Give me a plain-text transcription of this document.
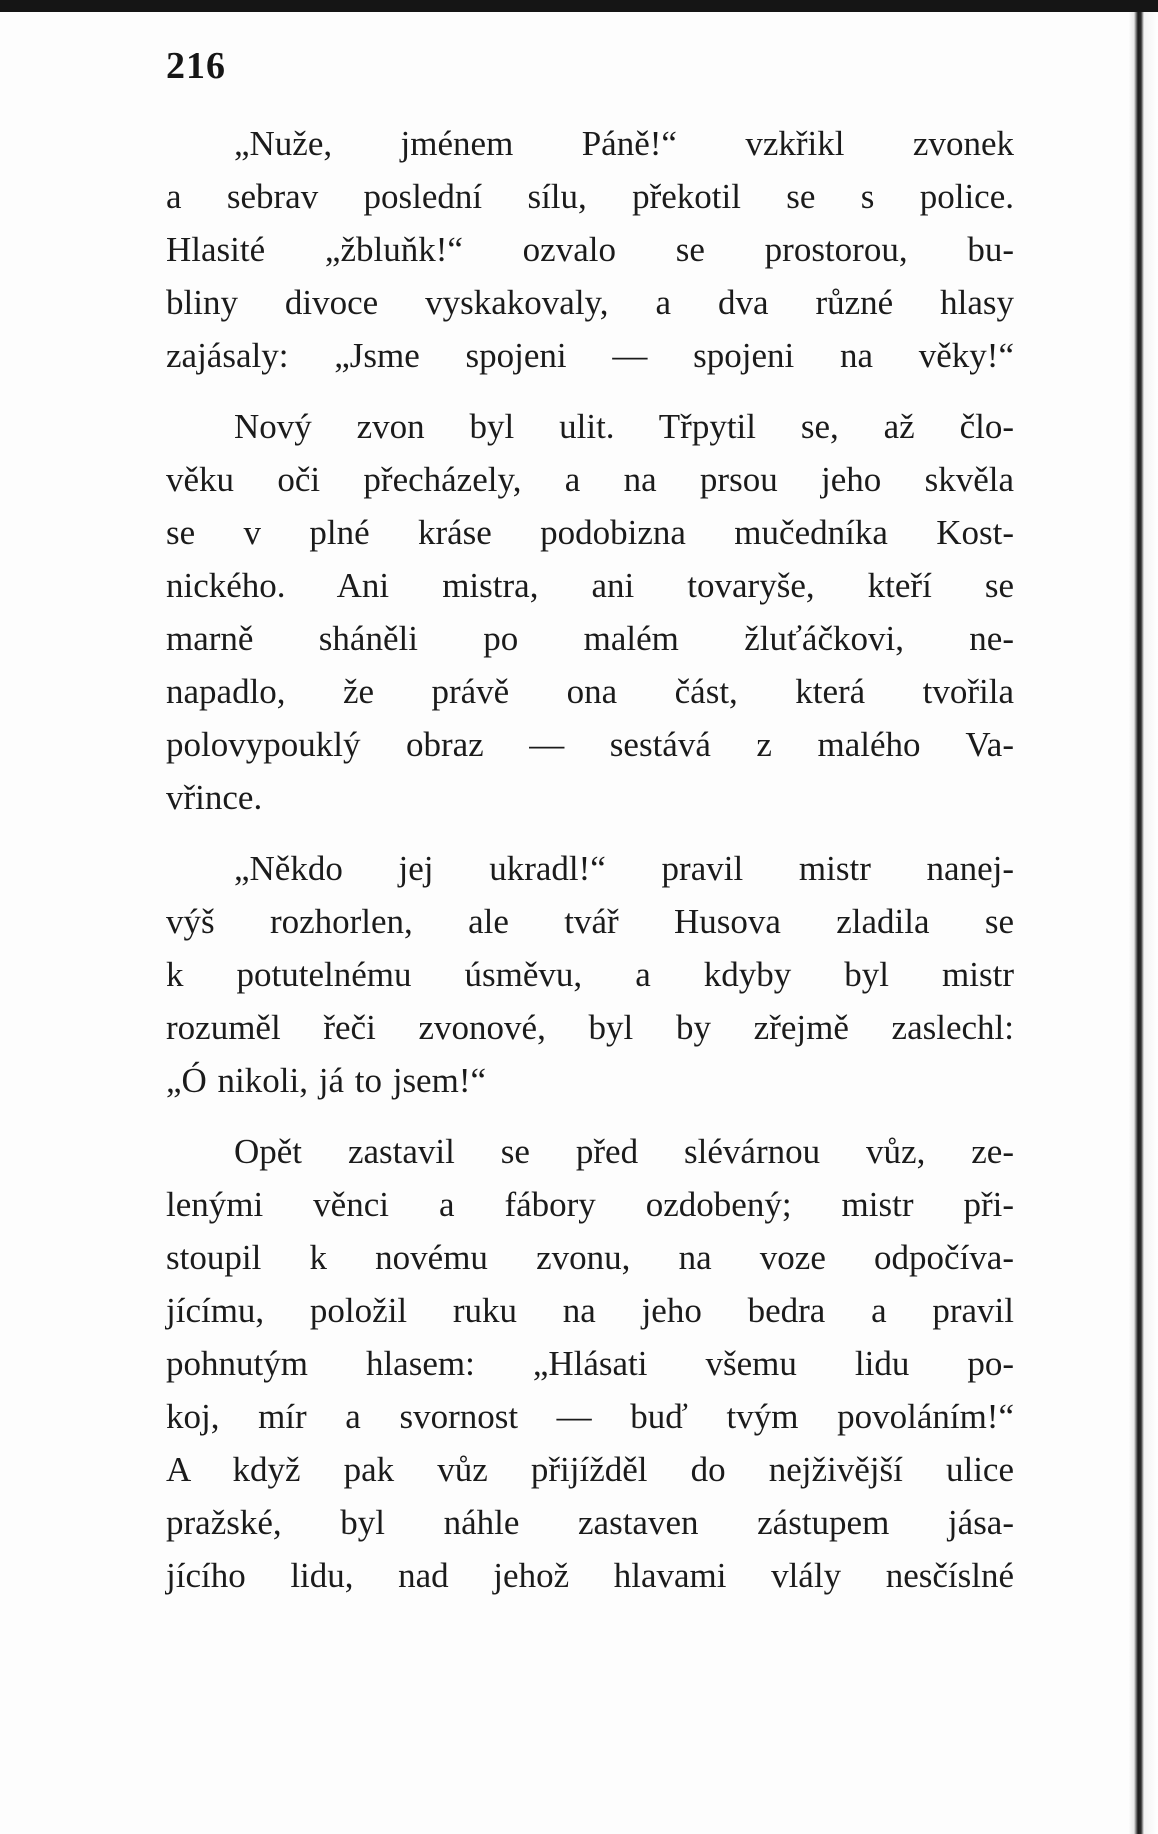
216

„Nuže, jménem Páně!“ vzkřikl zvonek
a sebrav poslední sílu, překotil se s police.
Hlasité „žbluňk!“ ozvalo se prostorou, bu-
bliny divoce vyskakovaly, a dva různé hlasy
zajásaly: „Jsme spojeni — spojeni na věky!“

Nový zvon byl ulit. Třpytil se, až člo-
věku oči přecházely, a na prsou jeho skvěla
se v plné kráse podobizna mučedníka Kost-
nického. Ani mistra, ani tovaryše, kteří se
marně sháněli po malém žluťáčkovi, ne-
napadlo, že právě ona část, která tvořila
polovypouklý obraz — sestává z malého Va-
vřince.

„Někdo jej ukradl!“ pravil mistr nanej-
výš rozhorlen, ale tvář Husova zladila se
k potutelnému úsměvu, a kdyby byl mistr
rozuměl řeči zvonové, byl by zřejmě zaslechl:
„Ó nikoli, já to jsem!“

Opět zastavil se před slévárnou vůz, ze-
lenými věnci a fábory ozdobený; mistr při-
stoupil k novému zvonu, na voze odpočíva-
jícímu, položil ruku na jeho bedra a pravil
pohnutým hlasem: „Hlásati všemu lidu po-
koj, mír a svornost — buď tvým povoláním!“
A když pak vůz přijížděl do nejživější ulice
pražské, byl náhle zastaven zástupem jása-
jícího lidu, nad jehož hlavami vlály nesčíslné
